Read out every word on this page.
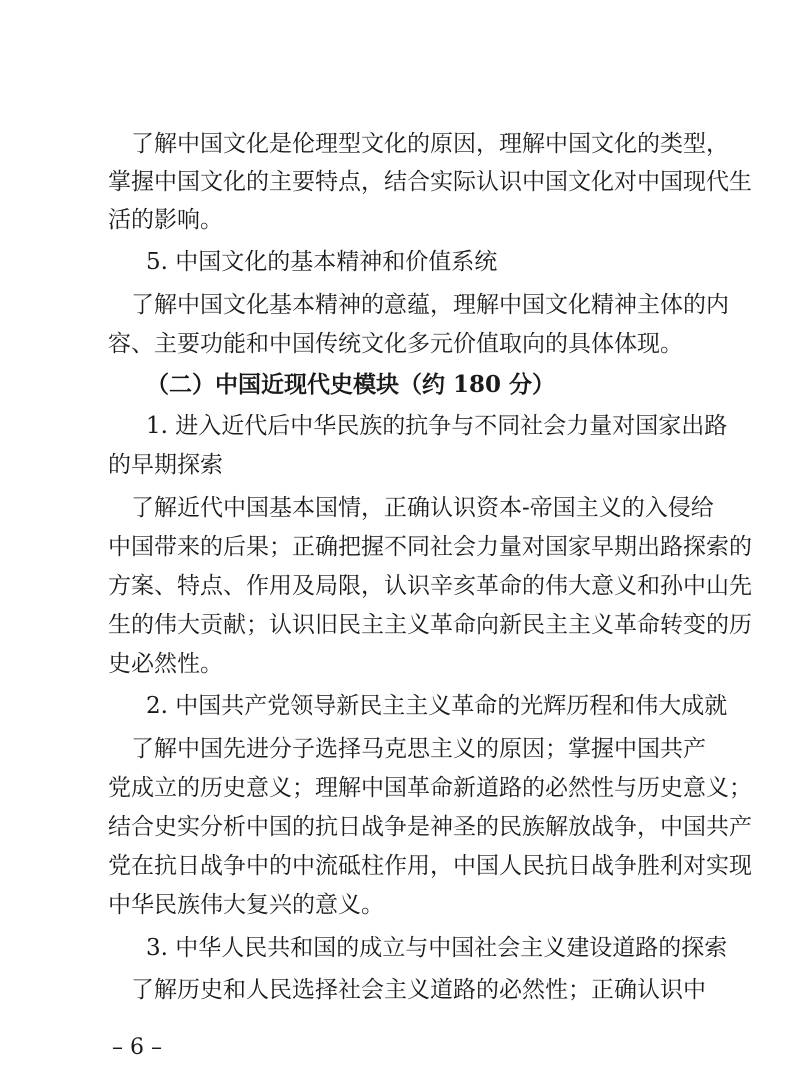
　了解中国文化是伦理型文化的原因，理解中国文化的类型，
掌握中国文化的主要特点，结合实际认识中国文化对中国现代生
活的影响。
5. 中国文化的基本精神和价值系统
　了解中国文化基本精神的意蕴，理解中国文化精神主体的内
容、主要功能和中国传统文化多元价值取向的具体体现。
（二）中国近现代史模块（约 180 分）
1. 进入近代后中华民族的抗争与不同社会力量对国家出路
的早期探索
　了解近代中国基本国情，正确认识资本-帝国主义的入侵给
中国带来的后果；正确把握不同社会力量对国家早期出路探索的
方案、特点、作用及局限，认识辛亥革命的伟大意义和孙中山先
生的伟大贡献；认识旧民主主义革命向新民主主义革命转变的历
史必然性。
2. 中国共产党领导新民主主义革命的光辉历程和伟大成就
　了解中国先进分子选择马克思主义的原因；掌握中国共产
党成立的历史意义；理解中国革命新道路的必然性与历史意义；
结合史实分析中国的抗日战争是神圣的民族解放战争，中国共产
党在抗日战争中的中流砥柱作用，中国人民抗日战争胜利对实现
中华民族伟大复兴的意义。
3. 中华人民共和国的成立与中国社会主义建设道路的探索
　了解历史和人民选择社会主义道路的必然性；正确认识中
– 6 –
